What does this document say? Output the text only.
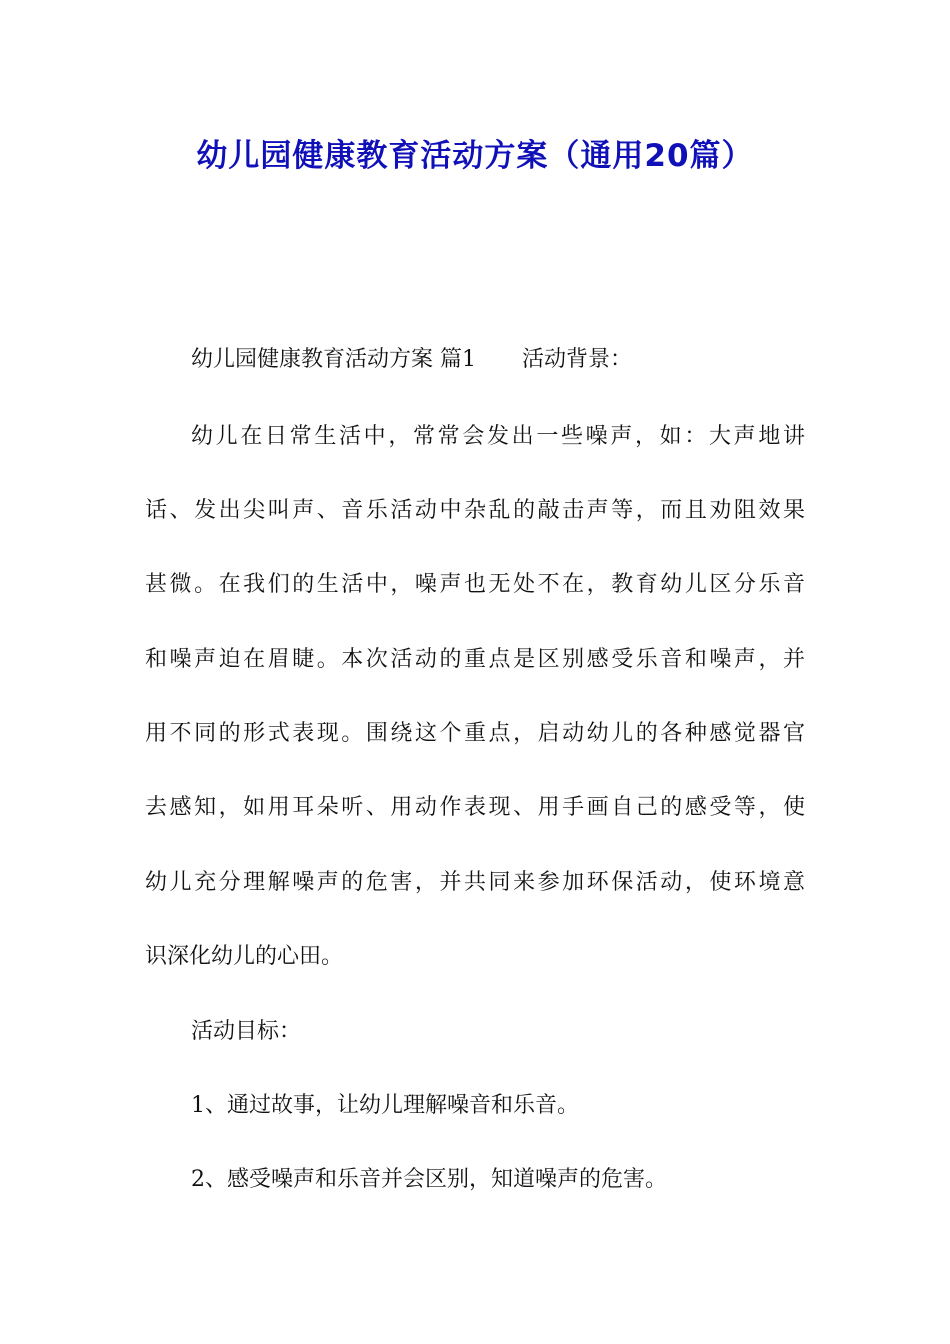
幼儿园健康教育活动方案（通用20篇）
幼儿园健康教育活动方案 篇1 活动背景：
幼儿在日常生活中，常常会发出一些噪声，如：大声地讲
话、发出尖叫声、音乐活动中杂乱的敲击声等，而且劝阻效果
甚微。在我们的生活中，噪声也无处不在，教育幼儿区分乐音
和噪声迫在眉睫。本次活动的重点是区别感受乐音和噪声，并
用不同的形式表现。围绕这个重点，启动幼儿的各种感觉器官
去感知，如用耳朵听、用动作表现、用手画自己的感受等，使
幼儿充分理解噪声的危害，并共同来参加环保活动，使环境意
识深化幼儿的心田。
活动目标：
1、通过故事，让幼儿理解噪音和乐音。
2、感受噪声和乐音并会区别，知道噪声的危害。
